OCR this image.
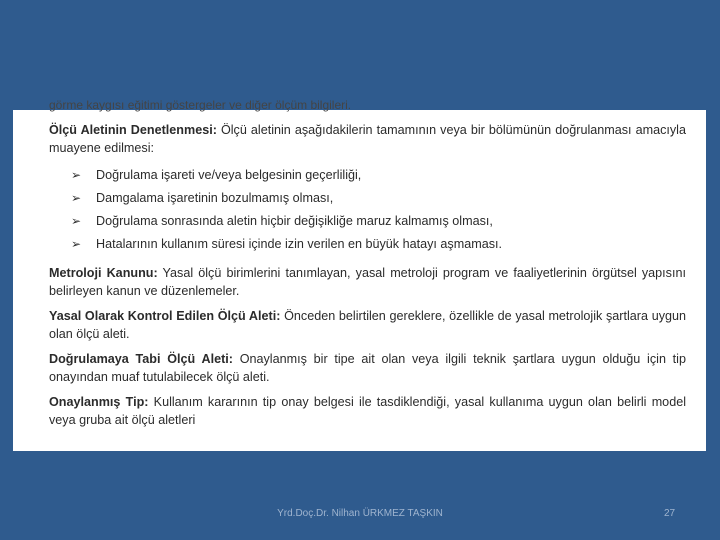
görme kaygısı eğitimi göstergeler ve diğer ölçüm bilgileri.

Ölçü Aletinin Denetlenmesi: Ölçü aletinin aşağıdakilerin tamamının veya bir bölümünün doğrulanması amacıyla muayene edilmesi:

➢ Doğrulama işareti ve/veya belgesinin geçerliliği,
➢ Damgalama işaretinin bozulmamış olması,
➢ Doğrulama sonrasında aletin hiçbir değişikliğe maruz kalmamış olması,
➢ Hatalarının kullanım süresi içinde izin verilen en büyük hatayı aşmaması.

Metroloji Kanunu: Yasal ölçü birimlerini tanımlayan, yasal metroloji program ve faaliyetlerinin örgütsel yapısını belirleyen kanun ve düzenlemeler.

Yasal Olarak Kontrol Edilen Ölçü Aleti: Önceden belirtilen gereklere, özellikle de yasal metrolojik şartlara uygun olan ölçü aleti.

Doğrulamaya Tabi Ölçü Aleti: Onaylanmış bir tipe ait olan veya ilgili teknik şartlara uygun olduğu için tip onayından muaf tutulabilecek ölçü aleti.

Onaylanmış Tip: Kullanım kararının tip onay belgesi ile tasdiklendiği, yasal kullanıma uygun olan belirli model veya gruba ait ölçü aletleri

Yrd.Doç.Dr. Nilhan ÜRKMEZ TAŞKIN	27
